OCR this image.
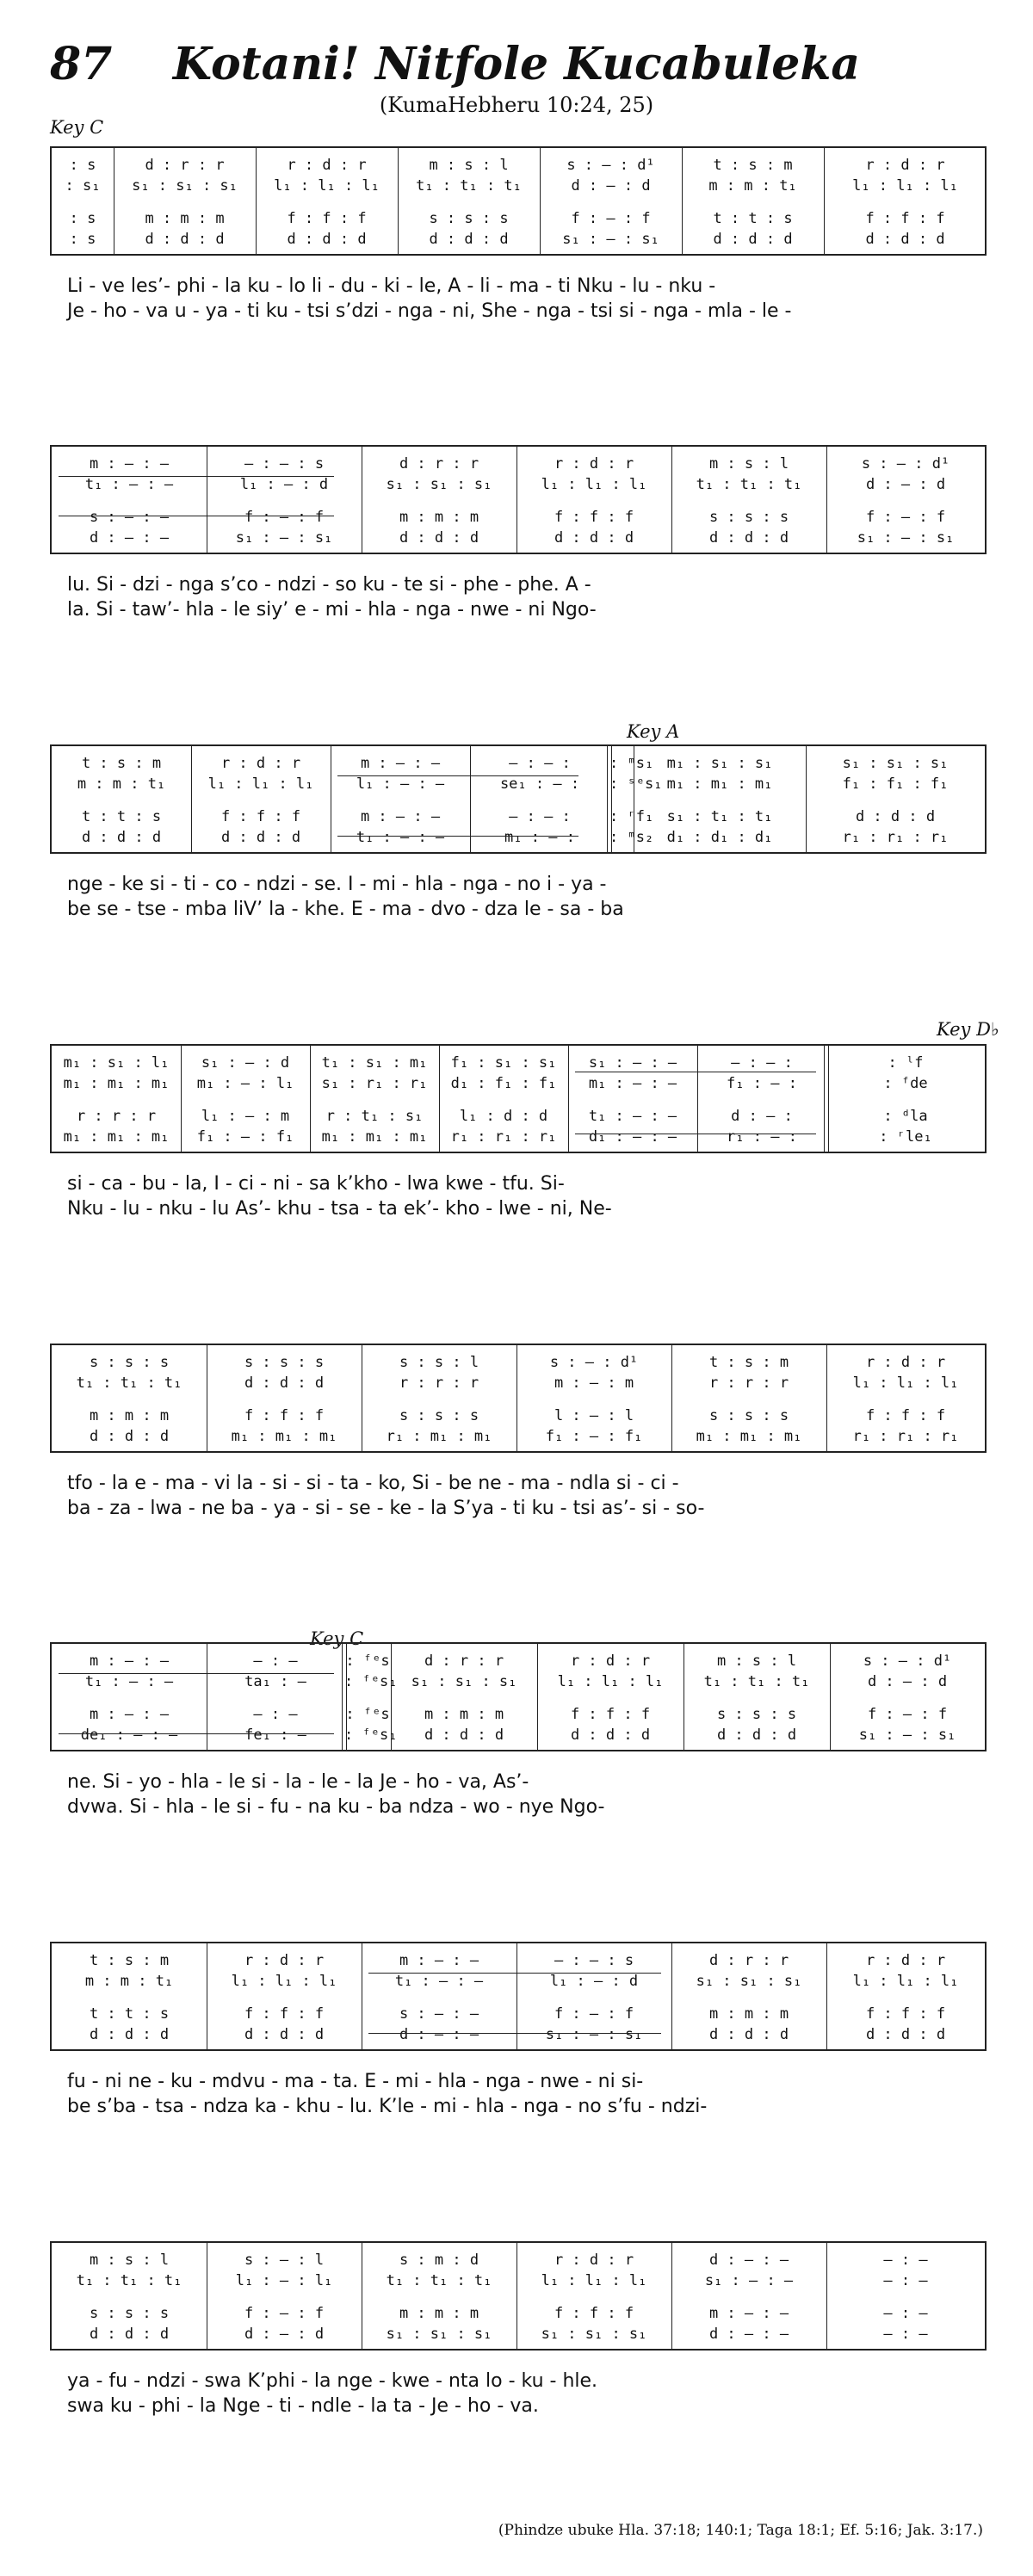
87	Kotani! Nitfole Kucabuleka
(KumaHebheru 10:24, 25)
Key C
Key A
Key D♭
Key C
: s	d : r : r	r : d : r	m : s : l	s : — : d¹	t : s : m	r : d : r
: s₁	s₁ : s₁ : s₁	l₁ : l₁ : l₁	t₁ : t₁ : t₁	d : — : d	m : m : t₁	l₁ : l₁ : l₁
: s	m : m : m	f : f : f	s : s : s	f : — : f	t : t : s	f : f : f
: s	d : d : d	d : d : d	d : d : d	s₁ : — : s₁	d : d : d	d : d : d
Li - ve les’- phi - la ku - lo li - du - ki - le, A - li - ma - ti Nku - lu - nku -
Je - ho - va u - ya - ti ku - tsi s’dzi - nga - ni, She - nga - tsi si - nga - mla - le -
m : — : —	— : — : s	d : r : r	r : d : r	m : s : l	s : — : d¹
t₁ : — : —	l₁ : — : d	s₁ : s₁ : s₁	l₁ : l₁ : l₁	t₁ : t₁ : t₁	d : — : d
s : — : —	f : — : f	m : m : m	f : f : f	s : s : s	f : — : f
d : — : —	s₁ : — : s₁	d : d : d	d : d : d	d : d : d	s₁ : — : s₁
lu. Si - dzi - nga s’co - ndzi - so ku - te si - phe - phe. A -
la. Si - taw’- hla - le siy’ e - mi - hla - nga - nwe - ni Ngo-
t : s : m	r : d : r	m : — : —	— : — :	: ᵐs₁ m₁ : s₁ : s₁	s₁ : s₁ : s₁
m : m : t₁	l₁ : l₁ : l₁	l₁ : — : —	se₁ : — :	: ˢᵉs₁ m₁ : m₁ : m₁	f₁ : f₁ : f₁
t : t : s	f : f : f	m : — : —	— : — :	: ʳf₁ s₁ : t₁ : t₁	d : d : d
d : d : d	d : d : d	t₁ : — : —	m₁ : — :	: ᵐs₂ d₁ : d₁ : d₁	r₁ : r₁ : r₁
nge - ke si - ti - co - ndzi - se. I - mi - hla - nga - no i - ya -
be se - tse - mba liV’ la - khe. E - ma - dvo - dza le - sa - ba
m₁ : s₁ : l₁	s₁ : — : d	t₁ : s₁ : m₁	f₁ : s₁ : s₁	s₁ : — : —	— : — :	: ˡf
m₁ : m₁ : m₁	m₁ : — : l₁	s₁ : r₁ : r₁	d₁ : f₁ : f₁	m₁ : — : —	f₁ : — :	: ᶠde
r : r : r	l₁ : — : m	r : t₁ : s₁	l₁ : d : d	t₁ : — : —	d : — :	: ᵈla
m₁ : m₁ : m₁	f₁ : — : f₁	m₁ : m₁ : m₁	r₁ : r₁ : r₁	d₁ : — : —	r₁ : — :	: ʳle₁
si - ca - bu - la, I - ci - ni - sa k’kho - lwa kwe - tfu. Si-
Nku - lu - nku - lu As’- khu - tsa - ta ek’- kho - lwe - ni, Ne-
s : s : s	s : s : s	s : s : l	s : — : d¹	t : s : m	r : d : r
t₁ : t₁ : t₁	d : d : d	r : r : r	m : — : m	r : r : r	l₁ : l₁ : l₁
m : m : m	f : f : f	s : s : s	l : — : l	s : s : s	f : f : f
d : d : d	m₁ : m₁ : m₁	r₁ : m₁ : m₁	f₁ : — : f₁	m₁ : m₁ : m₁	r₁ : r₁ : r₁
tfo - la e - ma - vi la - si - si - ta - ko, Si - be ne - ma - ndla si - ci -
ba - za - lwa - ne ba - ya - si - se - ke - la S’ya - ti ku - tsi as’- si - so-
m : — : —	— : —	: ᶠᵉs	d : r : r	r : d : r	m : s : l	s : — : d¹
t₁ : — : —	ta₁ : —	: ᶠᵉs₁ s₁ : s₁ : s₁	l₁ : l₁ : l₁	t₁ : t₁ : t₁	d : — : d
m : — : —	— : —	: ᶠᵉs	m : m : m	f : f : f	s : s : s	f : — : f
de₁ : — : —	fe₁ : —	: ᶠᵉs₁	d : d : d	d : d : d	d : d : d	s₁ : — : s₁
ne. Si - yo - hla - le si - la - le - la Je - ho - va, As’-
dvwa. Si - hla - le si - fu - na ku - ba ndza - wo - nye Ngo-
t : s : m	r : d : r	m : — : —	— : — : s	d : r : r	r : d : r
m : m : t₁	l₁ : l₁ : l₁	t₁ : — : —	l₁ : — : d	s₁ : s₁ : s₁	l₁ : l₁ : l₁
t : t : s	f : f : f	s : — : —	f : — : f	m : m : m	f : f : f
d : d : d	d : d : d	d : — : —	s₁ : — : s₁	d : d : d	d : d : d
fu - ni ne - ku - mdvu - ma - ta. E - mi - hla - nga - nwe - ni si-
be s’ba - tsa - ndza ka - khu - lu. K’le - mi - hla - nga - no s’fu - ndzi-
m : s : l	s : — : l	s : m : d	r : d : r	d : — : —	— : —
t₁ : t₁ : t₁	l₁ : — : l₁	t₁ : t₁ : t₁	l₁ : l₁ : l₁	s₁ : — : —	— : —
s : s : s	f : — : f	m : m : m	f : f : f	m : — : —	— : —
d : d : d	d : — : d	s₁ : s₁ : s₁	s₁ : s₁ : s₁	d : — : —	— : —
ya - fu - ndzi - swa K’phi - la nge - kwe - nta lo - ku - hle.
swa ku - phi - la Nge - ti - ndle - la ta - Je - ho - va.
(Phindze ubuke Hla. 37:18; 140:1; Taga 18:1; Ef. 5:16; Jak. 3:17.)
